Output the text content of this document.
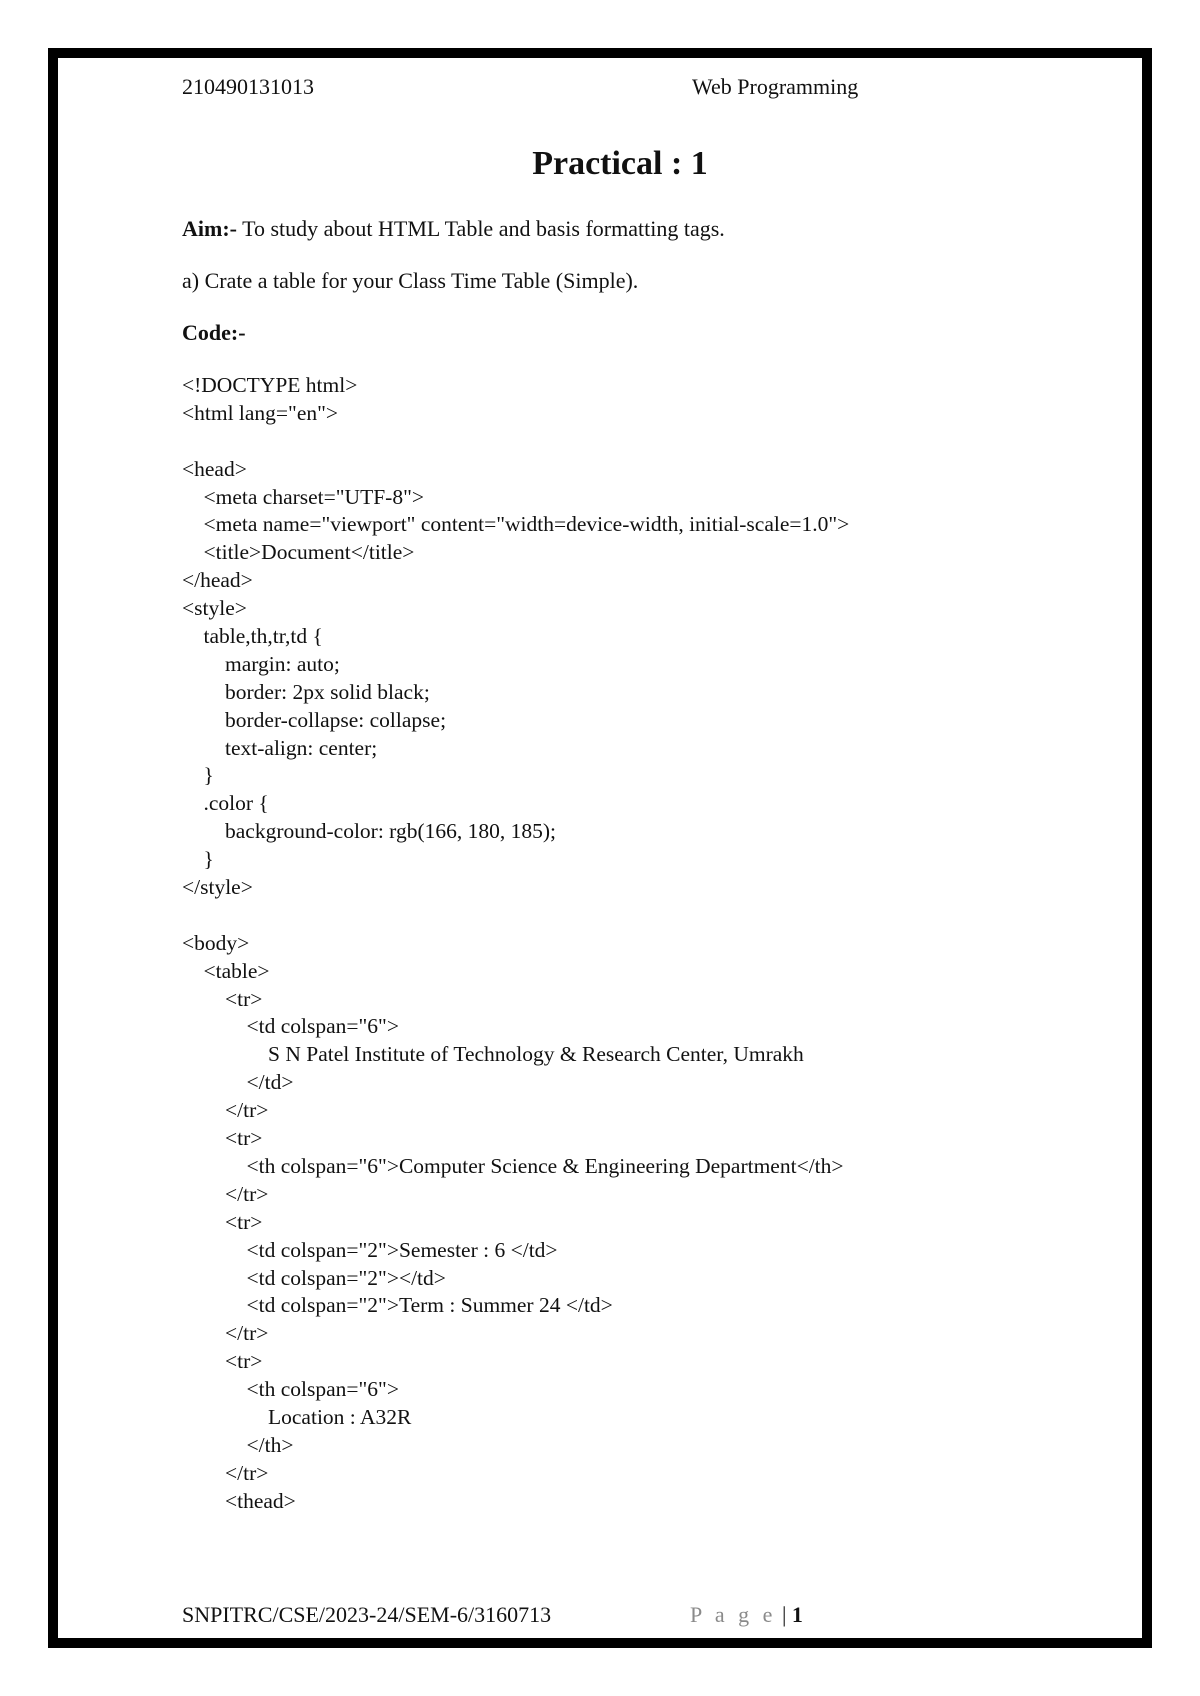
210490131013	Web Programming
Practical : 1
Aim:- To study about HTML Table and basis formatting tags.
a) Crate a table for your Class Time Table (Simple).
Code:-
<!DOCTYPE html>
<html lang="en">
<head>
<meta charset="UTF-8">
<meta name="viewport" content="width=device-width, initial-scale=1.0">
<title>Document</title>
</head>
<style>
table,th,tr,td {
margin: auto;
border: 2px solid black;
border-collapse: collapse;
text-align: center;
}
.color {
background-color: rgb(166, 180, 185);
}
</style>
<body>
<table>
<tr>
<td colspan="6">
S N Patel Institute of Technology & Research Center, Umrakh
</td>
</tr>
<tr>
<th colspan="6">Computer Science & Engineering Department</th>
</tr>
<tr>
<td colspan="2">Semester : 6 </td>
<td colspan="2"></td>
<td colspan="2">Term : Summer 24 </td>
</tr>
<tr>
<th colspan="6">
Location : A32R
</th>
</tr>
<thead>
SNPITRC/CSE/2023-24/SEM-6/3160713	P a g e | 1
